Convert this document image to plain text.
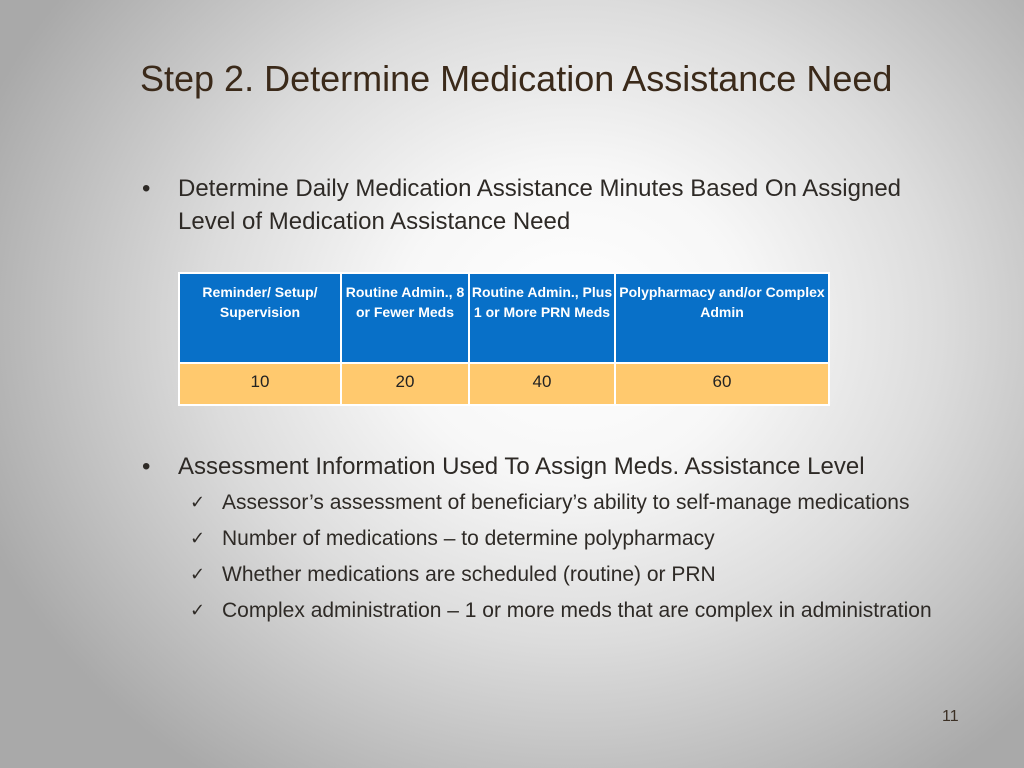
Step 2. Determine Medication Assistance Need
• Determine Daily Medication Assistance Minutes Based On Assigned Level of Medication Assistance Need
Reminder/ Setup/ Supervision	Routine Admin., 8 or Fewer Meds	Routine Admin., Plus 1 or More PRN Meds	Polypharmacy and/or Complex Admin
10	20	40	60
• Assessment Information Used To Assign Meds. Assistance Level
✓ Assessor’s assessment of beneficiary’s ability to self-manage medications
✓ Number of medications – to determine polypharmacy
✓ Whether medications are scheduled (routine) or PRN
✓ Complex administration – 1 or more meds that are complex in administration
11
